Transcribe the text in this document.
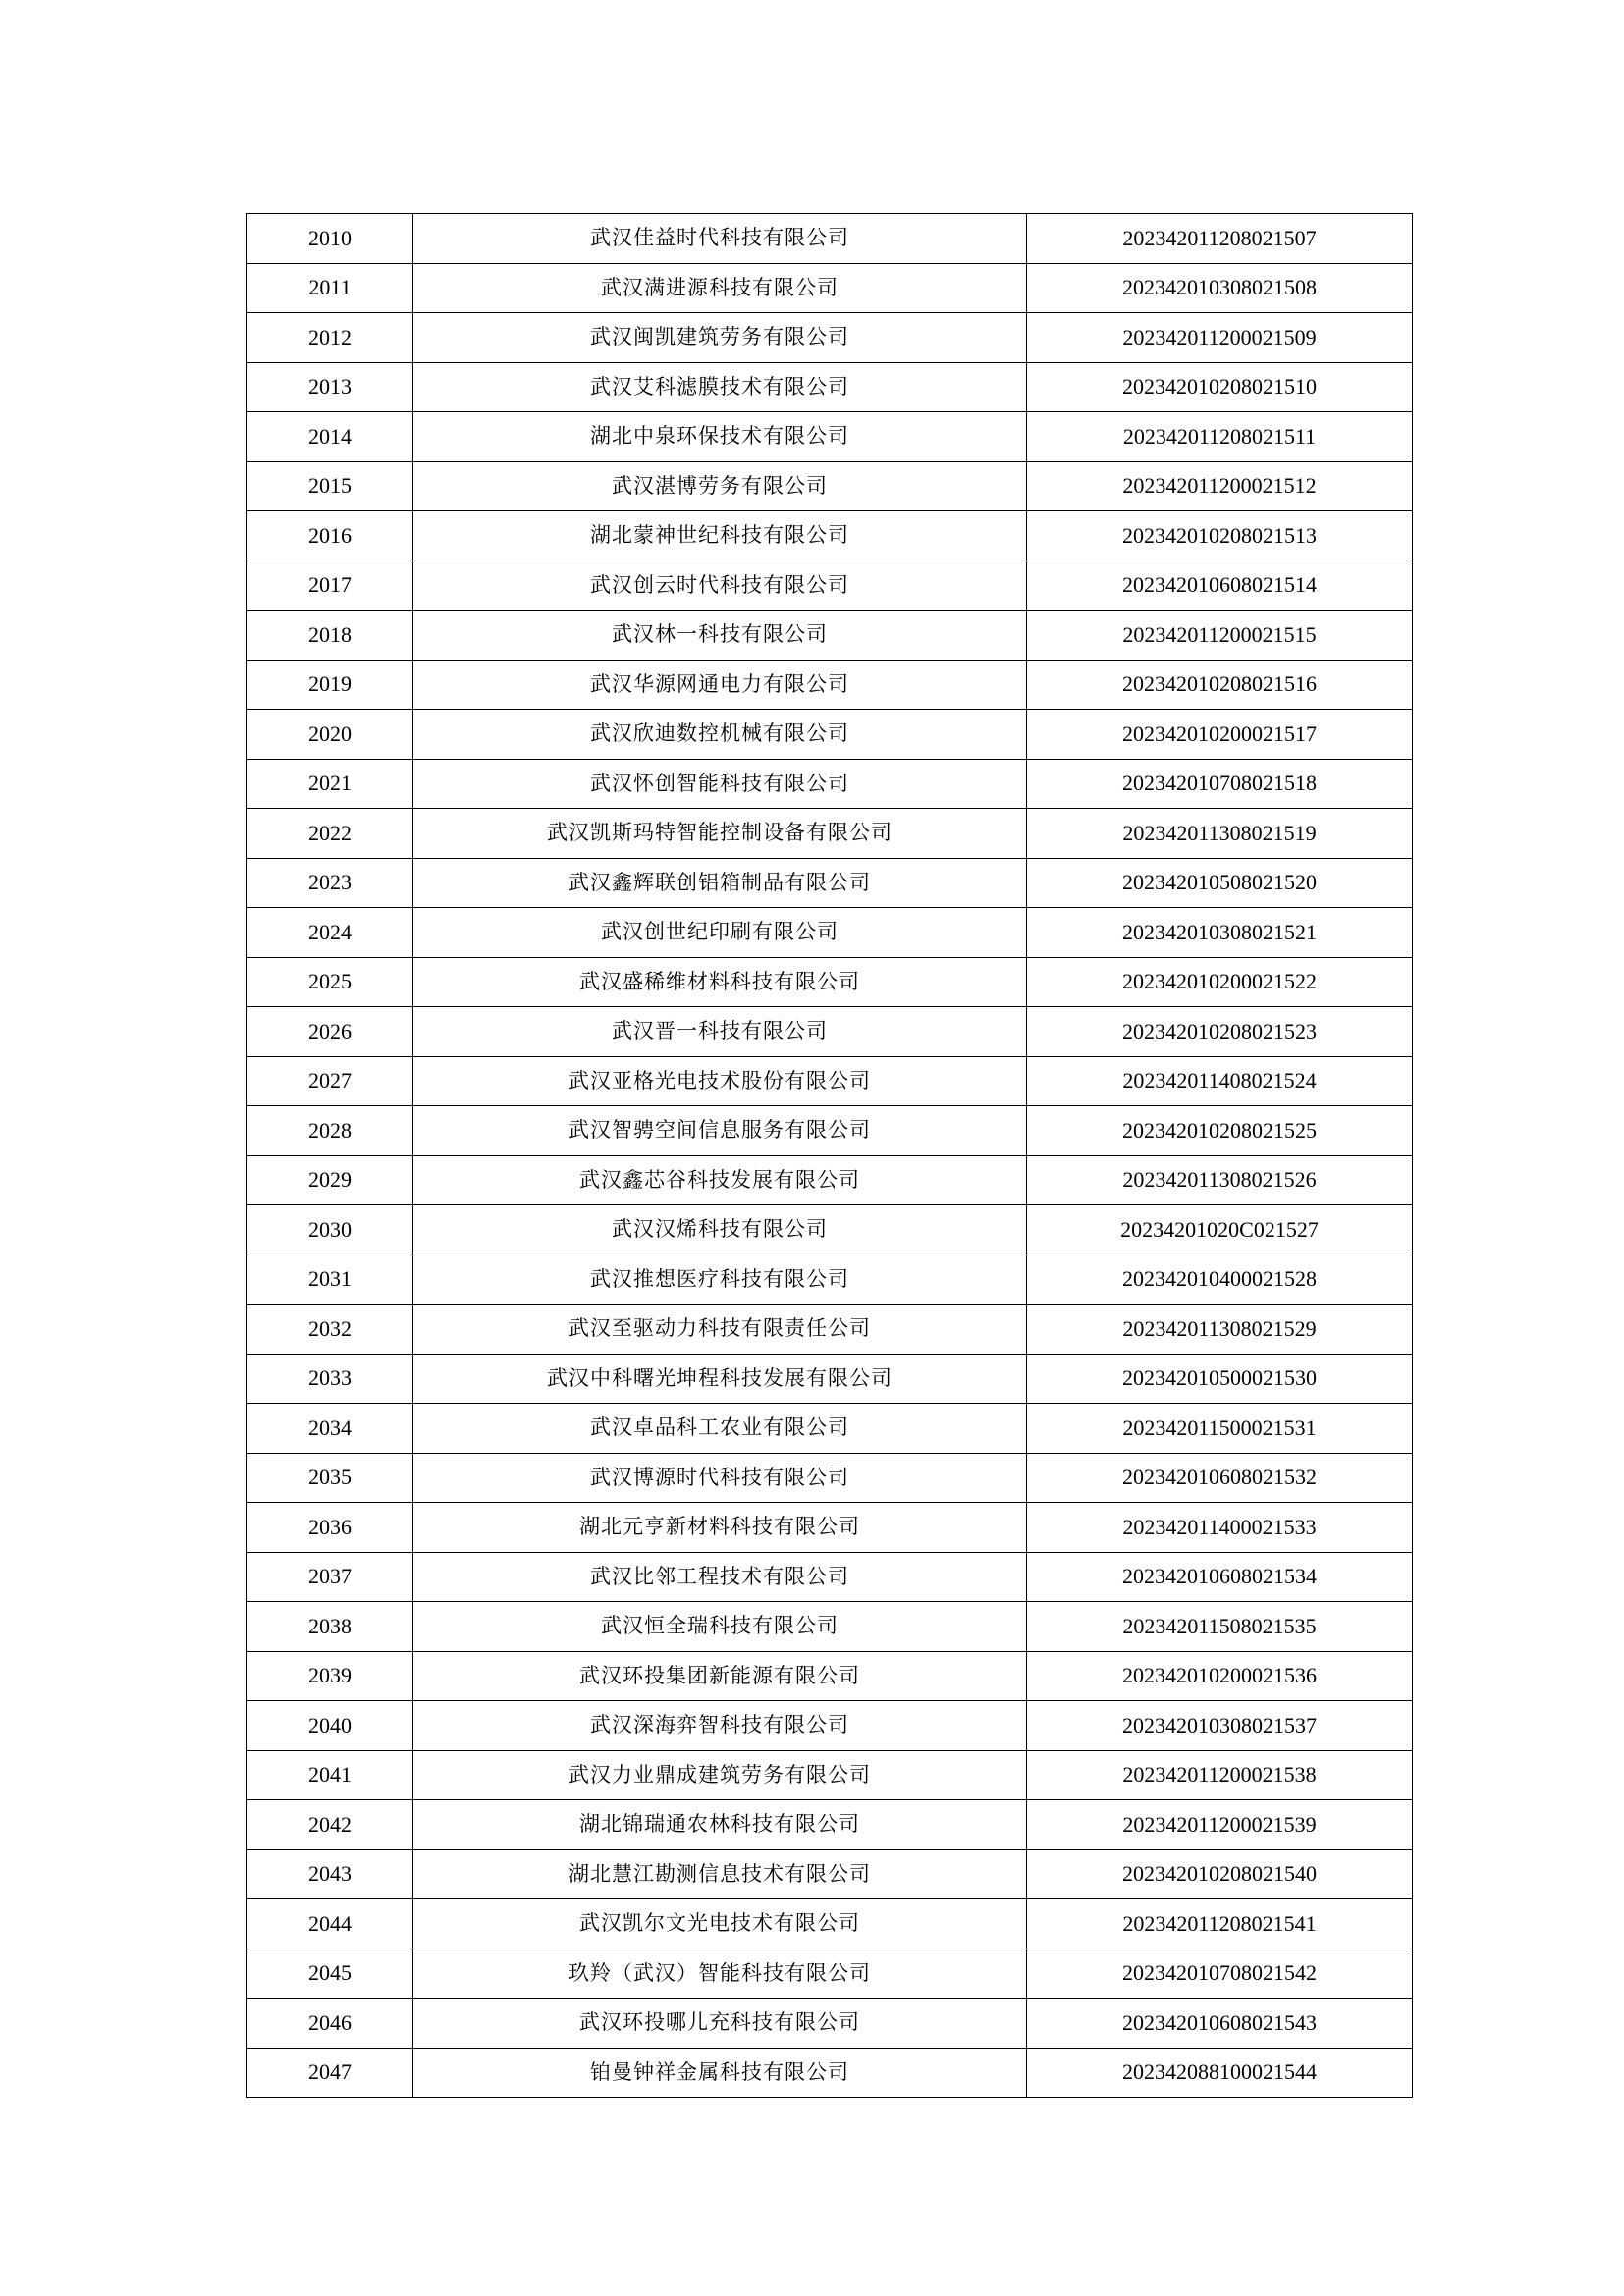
2010	武汉佳益时代科技有限公司	202342011208021507
2011	武汉满进源科技有限公司	202342010308021508
2012	武汉闽凯建筑劳务有限公司	202342011200021509
2013	武汉艾科滤膜技术有限公司	202342010208021510
2014	湖北中泉环保技术有限公司	202342011208021511
2015	武汉湛博劳务有限公司	202342011200021512
2016	湖北蒙神世纪科技有限公司	202342010208021513
2017	武汉创云时代科技有限公司	202342010608021514
2018	武汉林一科技有限公司	202342011200021515
2019	武汉华源网通电力有限公司	202342010208021516
2020	武汉欣迪数控机械有限公司	202342010200021517
2021	武汉怀创智能科技有限公司	202342010708021518
2022	武汉凯斯玛特智能控制设备有限公司	202342011308021519
2023	武汉鑫辉联创铝箱制品有限公司	202342010508021520
2024	武汉创世纪印刷有限公司	202342010308021521
2025	武汉盛稀维材料科技有限公司	202342010200021522
2026	武汉晋一科技有限公司	202342010208021523
2027	武汉亚格光电技术股份有限公司	202342011408021524
2028	武汉智骋空间信息服务有限公司	202342010208021525
2029	武汉鑫芯谷科技发展有限公司	202342011308021526
2030	武汉汉烯科技有限公司	20234201020C021527
2031	武汉推想医疗科技有限公司	202342010400021528
2032	武汉至驱动力科技有限责任公司	202342011308021529
2033	武汉中科曙光坤程科技发展有限公司	202342010500021530
2034	武汉卓品科工农业有限公司	202342011500021531
2035	武汉博源时代科技有限公司	202342010608021532
2036	湖北元亨新材料科技有限公司	202342011400021533
2037	武汉比邻工程技术有限公司	202342010608021534
2038	武汉恒全瑞科技有限公司	202342011508021535
2039	武汉环投集团新能源有限公司	202342010200021536
2040	武汉深海弈智科技有限公司	202342010308021537
2041	武汉力业鼎成建筑劳务有限公司	202342011200021538
2042	湖北锦瑞通农林科技有限公司	202342011200021539
2043	湖北慧江勘测信息技术有限公司	202342010208021540
2044	武汉凯尔文光电技术有限公司	202342011208021541
2045	玖羚（武汉）智能科技有限公司	202342010708021542
2046	武汉环投哪儿充科技有限公司	202342010608021543
2047	铂曼钟祥金属科技有限公司	202342088100021544
